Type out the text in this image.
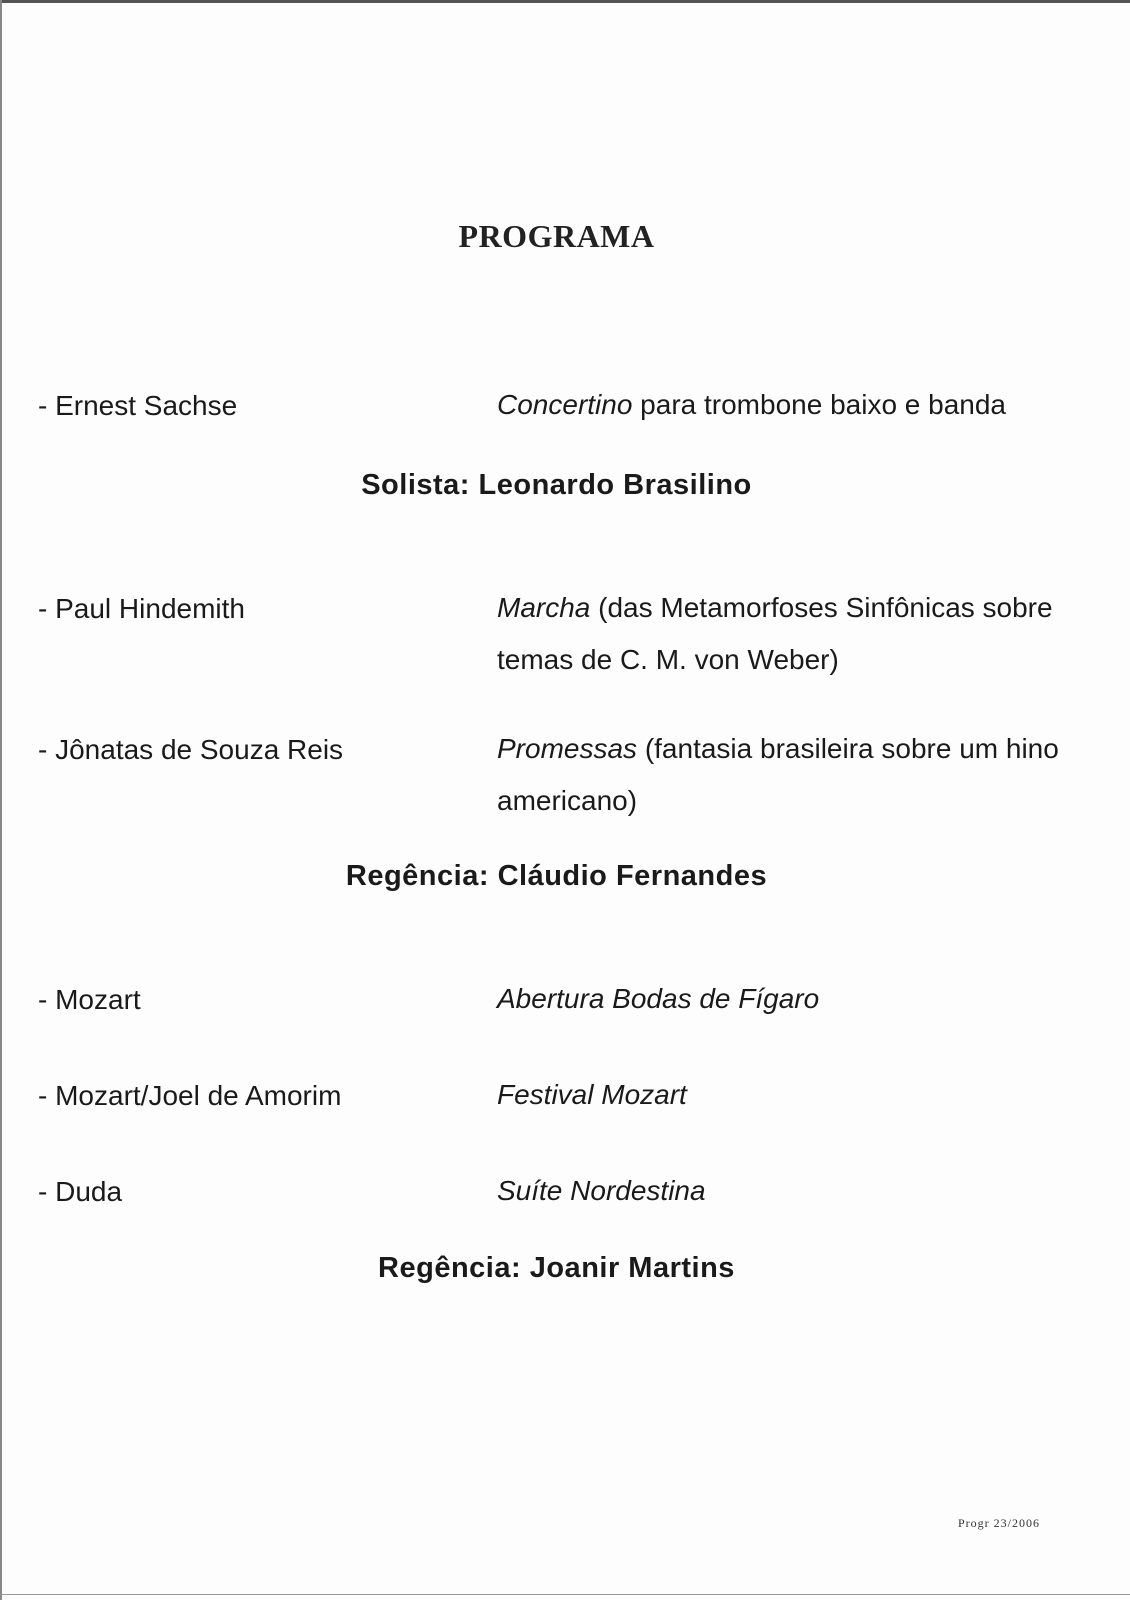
PROGRAMA
- Ernest Sachse	Concertino para trombone baixo e banda
Solista: Leonardo Brasilino
- Paul Hindemith	Marcha (das Metamorfoses Sinfônicas sobre temas de C. M. von Weber)
- Jônatas de Souza Reis	Promessas (fantasia brasileira sobre um hino americano)
Regência: Cláudio Fernandes
- Mozart	Abertura Bodas de Fígaro
- Mozart/Joel de Amorim	Festival Mozart
- Duda	Suíte Nordestina
Regência: Joanir Martins
Progr 23/2006
